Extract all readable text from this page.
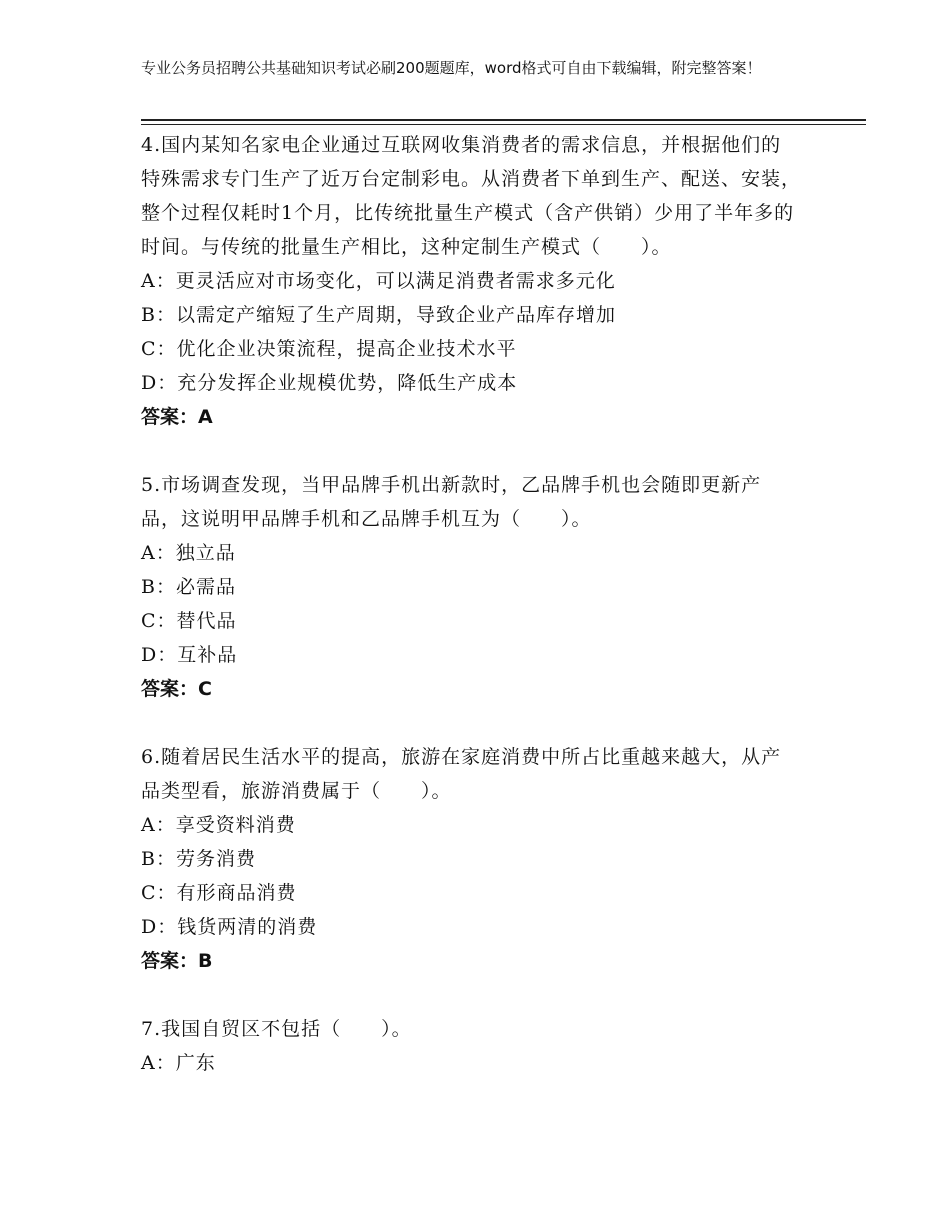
专业公务员招聘公共基础知识考试必刷200题题库，word格式可自由下载编辑，附完整答案！
4.国内某知名家电企业通过互联网收集消费者的需求信息，并根据他们的特殊需求专门生产了近万台定制彩电。从消费者下单到生产、配送、安装，整个过程仅耗时1个月，比传统批量生产模式（含产供销）少用了半年多的时间。与传统的批量生产相比，这种定制生产模式（　　）。
A：更灵活应对市场变化，可以满足消费者需求多元化
B：以需定产缩短了生产周期，导致企业产品库存增加
C：优化企业决策流程，提高企业技术水平
D：充分发挥企业规模优势，降低生产成本
答案：A
5.市场调查发现，当甲品牌手机出新款时，乙品牌手机也会随即更新产品，这说明甲品牌手机和乙品牌手机互为（　　）。
A：独立品
B：必需品
C：替代品
D：互补品
答案：C
6.随着居民生活水平的提高，旅游在家庭消费中所占比重越来越大，从产品类型看，旅游消费属于（　　）。
A：享受资料消费
B：劳务消费
C：有形商品消费
D：钱货两清的消费
答案：B
7.我国自贸区不包括（　　）。
A：广东
